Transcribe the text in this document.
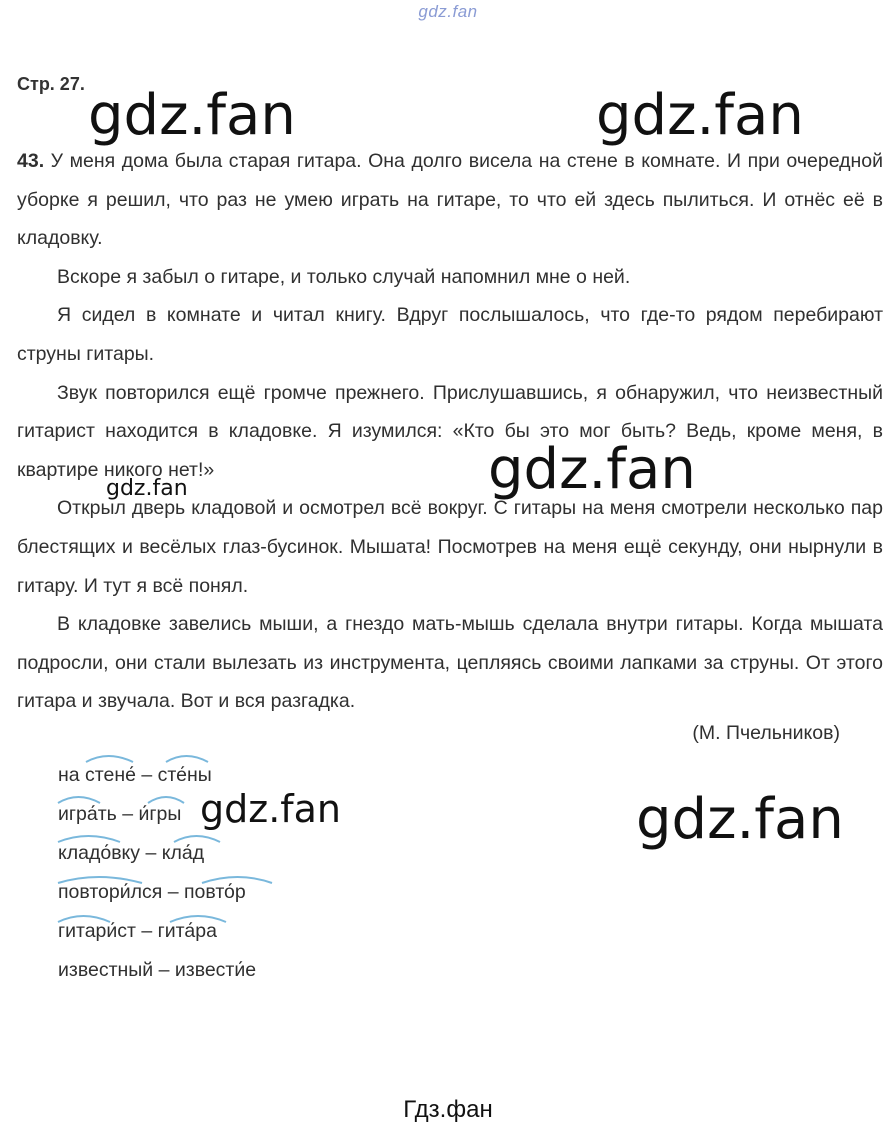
gdz.fan
Стр. 27. gdz.fan	gdz.fan
gdz.fan
gdz.fan
gdz.fan	gdz.fan

43. У меня дома была старая гитара. Она долго висела на стене в комнате. И при очередной уборке я решил, что раз не умею играть на гитаре, то что ей здесь пылиться. И отнёс её в кладовку.

Вскоре я забыл о гитаре, и только случай напомнил мне о ней.

Я сидел в комнате и читал книгу. Вдруг послышалось, что где-то рядом перебирают струны гитары.

Звук повторился ещё громче прежнего. Прислушавшись, я обнаружил, что неизвестный гитарист находится в кладовке. Я изумился: «Кто бы это мог быть? Ведь, кроме меня, в квартире никого нет!»

Открыл дверь кладовой и осмотрел всё вокруг. С гитары на меня смотрели несколько пар блестящих и весёлых глаз-бусинок. Мышата! Посмотрев на меня ещё секунду, они нырнули в гитару. И тут я всё понял.

В кладовке завелись мыши, а гнездо мать-мышь сделала внутри гитары. Когда мышата подросли, они стали вылезать из инструмента, цепляясь своими лапками за струны. От этого гитара и звучала. Вот и вся разгадка.

(М. Пчельников)
на стене́ – сте́ны
игра́ть – и́гры
кладо́вку – кла́д
повтори́лся – повто́р
гитари́ст – гита́ра
известный – извести́е
Гдз.фан
